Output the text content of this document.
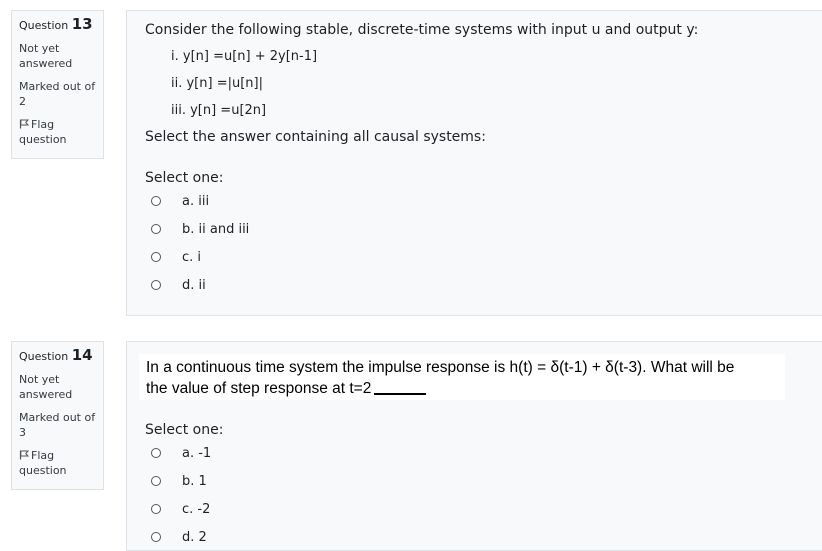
Question 13
Not yet answered
Marked out of 2
Flag question
Consider the following stable, discrete-time systems with input u and output y:
i. y[n] =u[n] + 2y[n-1]
ii. y[n] =|u[n]|
iii. y[n] =u[2n]
Select the answer containing all causal systems:
Select one:
a. iii
b. ii and iii
c. i
d. ii
Question 14
Not yet answered
Marked out of 3
Flag question
In a continuous time system the impulse response is h(t) = δ(t-1) + δ(t-3). What will be
the value of step response at t=2
Select one:
a. -1
b. 1
c. -2
d. 2
